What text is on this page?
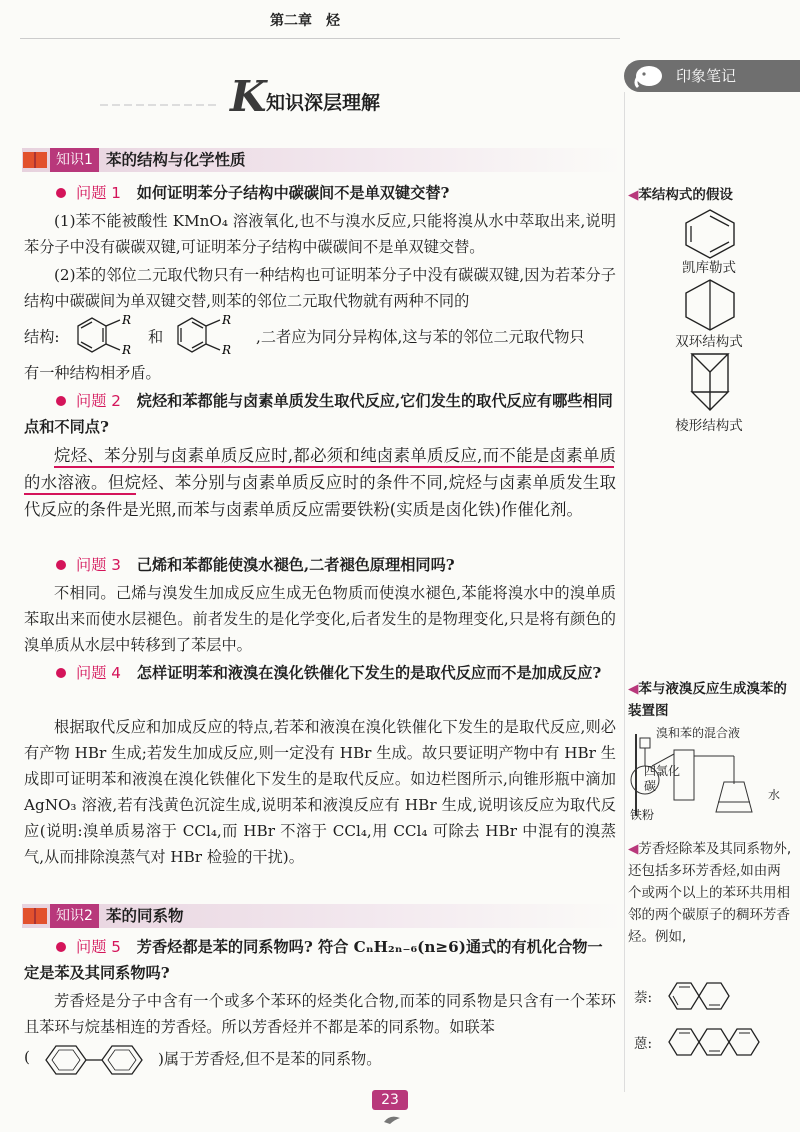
第二章　烃
K 知识深层理解
印象笔记
知识1 苯的结构与化学性质

问题 1 如何证明苯分子结构中碳碳间不是单双键交替?

(1)苯不能被酸性 KMnO₄ 溶液氧化,也不与溴水反应,只能将溴从水中萃取出来,说明苯分子中没有碳碳双键,可证明苯分子结构中碳碳间不是单双键交替。

(2)苯的邻位二元取代物只有一种结构也可证明苯分子中没有碳碳双键,因为若苯分子结构中碳碳间为单双键交替,则苯的邻位二元取代物就有两种不同的

结构:
R
R
和
R
R
,二者应为同分异构体,这与苯的邻位二元取代物只

有一种结构相矛盾。

问题 2 烷烃和苯都能与卤素单质发生取代反应,它们发生的取代反应有哪些相同点和不同点?

烷烃、苯分别与卤素单质反应时,都必须和纯卤素单质反应,而不能是卤素单质的水溶液。但烷烃、苯分别与卤素单质反应时的条件不同,烷烃与卤素单质发生取代反应的条件是光照,而苯与卤素单质反应需要铁粉(实质是卤化铁)作催化剂。

问题 3 己烯和苯都能使溴水褪色,二者褪色原理相同吗?

不相同。己烯与溴发生加成反应生成无色物质而使溴水褪色,苯能将溴水中的溴单质苯取出来而使水层褪色。前者发生的是化学变化,后者发生的是物理变化,只是将有颜色的溴单质从水层中转移到了苯层中。

问题 4 怎样证明苯和液溴在溴化铁催化下发生的是取代反应而不是加成反应?

根据取代反应和加成反应的特点,若苯和液溴在溴化铁催化下发生的是取代反应,则必有产物 HBr 生成;若发生加成反应,则一定没有 HBr 生成。故只要证明产物中有 HBr 生成即可证明苯和液溴在溴化铁催化下发生的是取代反应。如边栏图所示,向锥形瓶中滴加 AgNO₃ 溶液,若有浅黄色沉淀生成,说明苯和液溴反应有 HBr 生成,说明该反应为取代反应(说明:溴单质易溶于 CCl₄,而 HBr 不溶于 CCl₄,用 CCl₄ 可除去 HBr 中混有的溴蒸气,从而排除溴蒸气对 HBr 检验的干扰)。

知识2 苯的同系物

问题 5 芳香烃都是苯的同系物吗? 符合 CₙH₂ₙ₋₆(n≥6)通式的有机化合物一定是苯及其同系物吗?

芳香烃是分子中含有一个或多个苯环的烃类化合物,而苯的同系物是只含有一个苯环且苯环与烷基相连的芳香烃。所以芳香烃并不都是苯的同系物。如联苯

(	)属于芳香烃,但不是苯的同系物。
◀苯结构式的假设
凯库勒式
双环结构式
棱形结构式
◀苯与液溴反应生成溴苯的装置图
溴和苯的混合液
四氯化碳
水
铁粉
◀芳香烃除苯及其同系物外,还包括多环芳香烃,如由两个或两个以上的苯环共用相邻的两个碳原子的稠环芳香烃。例如,
萘:
蒽:
23
